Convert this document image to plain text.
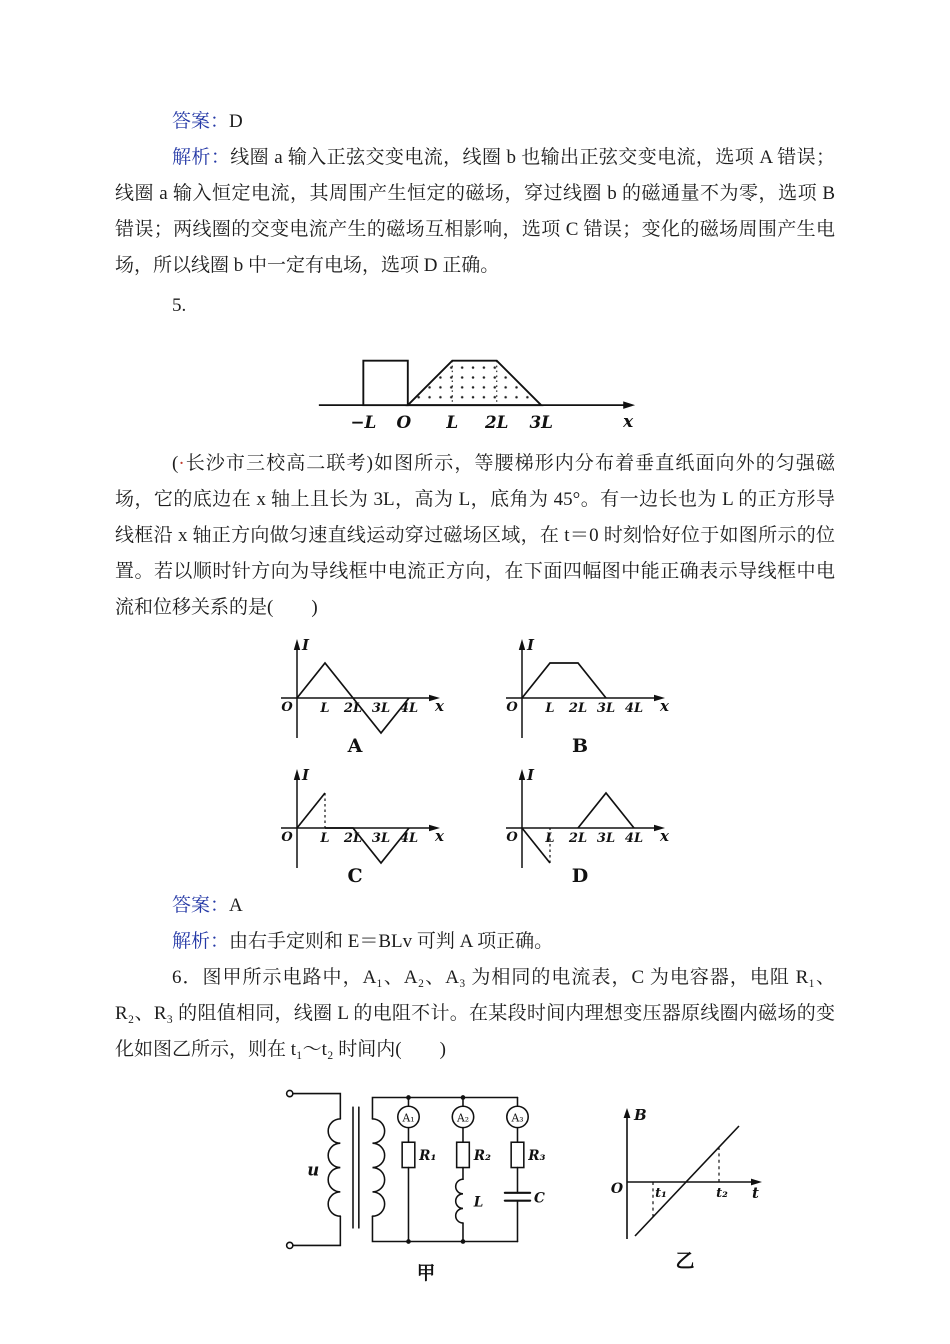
答案：D

解析：线圈 a 输入正弦交变电流，线圈 b 也输出正弦交变电流，选项 A 错误；线圈 a 输入恒定电流，其周围产生恒定的磁场，穿过线圈 b 的磁通量不为零，选项 B 错误；两线圈的交变电流产生的磁场互相影响，选项 C 错误；变化的磁场周围产生电场，所以线圈 b 中一定有电场，选项 D 正确。

5.

−L O L 2L 3L	x

(·长沙市三校高二联考)如图所示，等腰梯形内分布着垂直纸面向外的匀强磁场，它的底边在 x 轴上且长为 3L，高为 L，底角为 45°。有一边长也为 L 的正方形导线框沿 x 轴正方向做匀速直线运动穿过磁场区域，在 t＝0 时刻恰好位于如图所示的位置。若以顺时针方向为导线框中电流正方向，在下面四幅图中能正确表示导线框中电流和位移关系的是(　　)

I
O L 2L 3L 4L x
A
I
O L 2L 3L 4L x
B
I
O L 2L 3L 4L x
C
I
O L 2L 3L 4L x
D

答案：A

解析：由右手定则和 E＝BLv 可判 A 项正确。

6．图甲所示电路中，A₁、A₂、A₃ 为相同的电流表，C 为电容器，电阻 R₁、R₂、R₃ 的阻值相同，线圈 L 的电阻不计。在某段时间内理想变压器原线圈内磁场的变化如图乙所示，则在 t₁～t₂ 时间内(　　)

u
A₁	A₂	A₃
R₁	R₂	R₃
L	C
甲
B
O t₁	t₂ t
乙
